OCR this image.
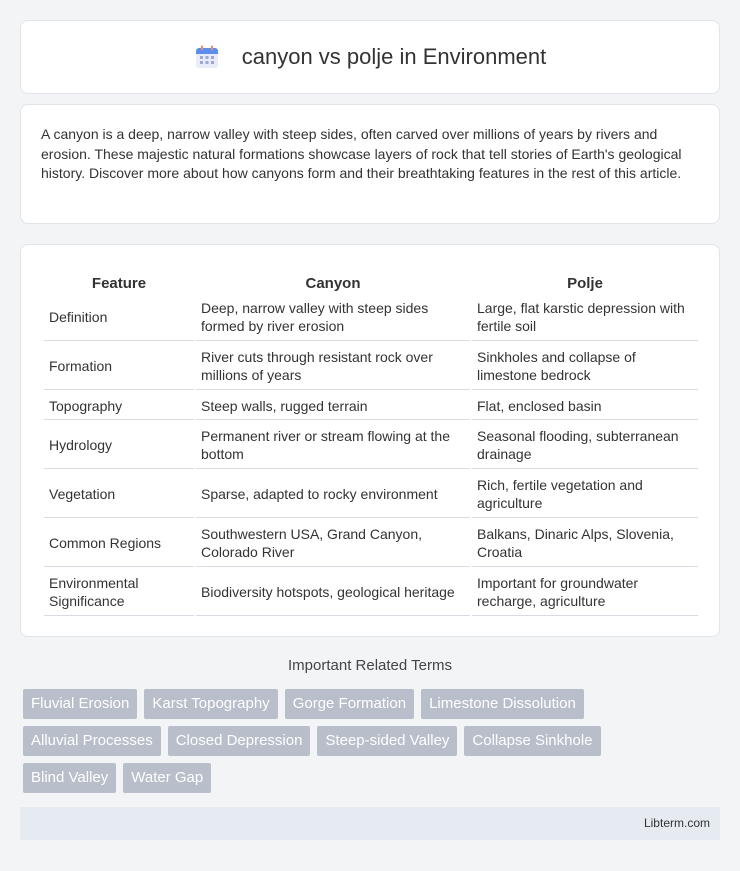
canyon vs polje in Environment

A canyon is a deep, narrow valley with steep sides, often carved over millions of years by rivers and erosion. These majestic natural formations showcase layers of rock that tell stories of Earth's geological history. Discover more about how canyons form and their breathtaking features in the rest of this article.

Feature	Canyon	Polje
Definition	Deep, narrow valley with steep sides formed by river erosion	Large, flat karstic depression with fertile soil
Formation	River cuts through resistant rock over millions of years	Sinkholes and collapse of limestone bedrock
Topography	Steep walls, rugged terrain	Flat, enclosed basin
Hydrology	Permanent river or stream flowing at the bottom	Seasonal flooding, subterranean drainage
Vegetation	Sparse, adapted to rocky environment	Rich, fertile vegetation and agriculture
Common Regions	Southwestern USA, Grand Canyon, Colorado River	Balkans, Dinaric Alps, Slovenia, Croatia
Environmental Significance	Biodiversity hotspots, geological heritage	Important for groundwater recharge, agriculture
Important Related Terms
Fluvial Erosion	Karst Topography	Gorge Formation	Limestone Dissolution
Alluvial Processes	Closed Depression	Steep-sided Valley	Collapse Sinkhole
Blind Valley	Water Gap
Libterm.com
